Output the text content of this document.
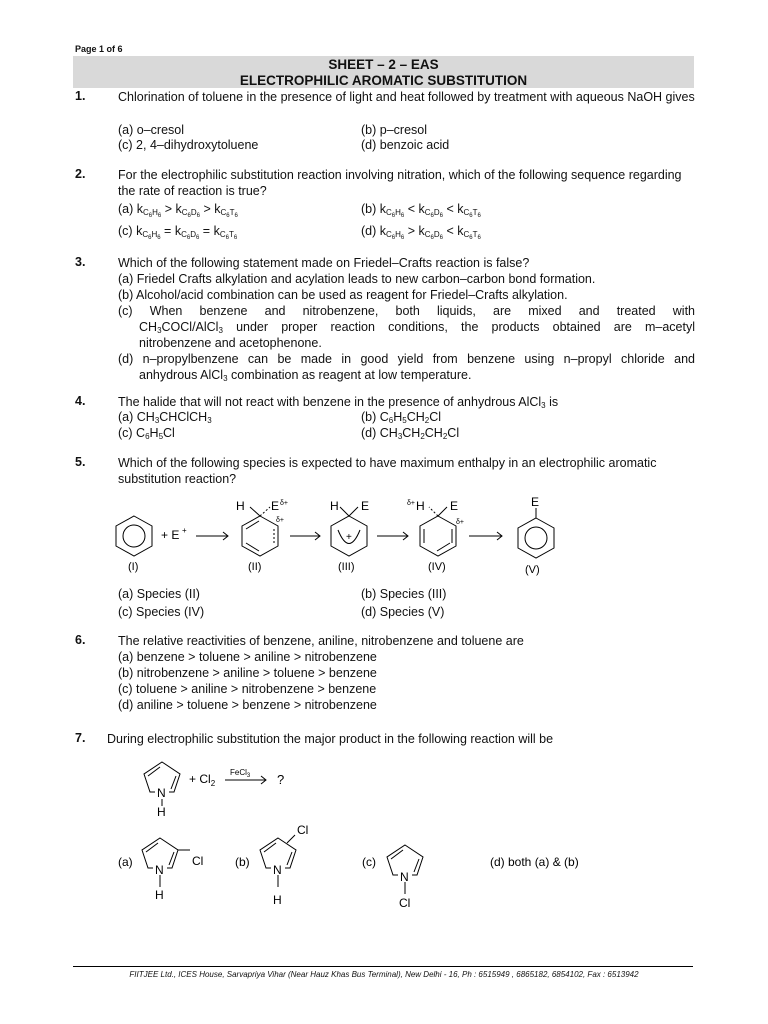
Page 1 of 6
SHEET – 2 – EAS
ELECTROPHILIC AROMATIC SUBSTITUTION
1.	Chlorination of toluene in the presence of light and heat followed by treatment with aqueous NaOH gives
(a) o–cresol	(b) p–cresol
(c) 2, 4–dihydroxytoluene	(d) benzoic acid
2.	For the electrophilic substitution reaction involving nitration, which of the following sequence regarding the rate of reaction is true?
(a) $k_{C_6H_6} > k_{C_6D_6} > k_{C_6T_6}$	(b) $k_{C_6H_6} < k_{C_6D_6} < k_{C_6T_6}$
(c) $k_{C_6H_6} = k_{C_6D_6} = k_{C_6T_6}$	(d) $k_{C_6H_6} > k_{C_6D_6} < k_{C_6T_6}$
3.	Which of the following statement made on Friedel–Crafts reaction is false?
(a) Friedel Crafts alkylation and acylation leads to new carbon–carbon bond formation.
(b) Alcohol/acid combination can be used as reagent for Friedel–Crafts alkylation.
(c) When benzene and nitrobenzene, both liquids, are mixed and treated with
$CH_3COCl/AlCl_3$ under proper reaction conditions, the products obtained are m–acetyl
nitrobenzene and acetophenone.
(d) n–propylbenzene can be made in good yield from benzene using n–propyl chloride and
anhydrous AlCl$_3$ combination as reagent at low temperature.
4.	The halide that will not react with benzene in the presence of anhydrous AlCl$_3$ is
(a) $CH_3CHClCH_3$	(b) $C_6H_5CH_2Cl$
(c) $C_6H_5Cl$	(d) $CH_3CH_2CH_2Cl$
5.	Which of the following species is expected to have maximum enthalpy in an electrophilic aromatic substitution reaction?
+ E +
H E δ+
δ+
H E
+
δ+ H E
δ+
E
(I)	(II)	(III)	(IV)	(V)
N
H
+ $Cl_2$
FeCl$_3$ ?
(a)
N
H
Cl	(b)
Cl
N
H
(c)
N
Cl
(d) both (a) & (b)
(a) Species (II)	(b) Species (III)
(c) Species (IV)	(d) Species (V)
6.	The relative reactivities of benzene, aniline, nitrobenzene and toluene are
(a) benzene > toluene > aniline > nitrobenzene
(b) nitrobenzene > aniline > toluene > benzene
(c) toluene > aniline > nitrobenzene > benzene
(d) aniline > toluene > benzene > nitrobenzene
7. During electrophilic substitution the major product in the following reaction will be
FIITJEE Ltd., ICES House, Sarvapriya Vihar (Near Hauz Khas Bus Terminal), New Delhi - 16, Ph : 6515949 , 6865182, 6854102, Fax : 6513942
